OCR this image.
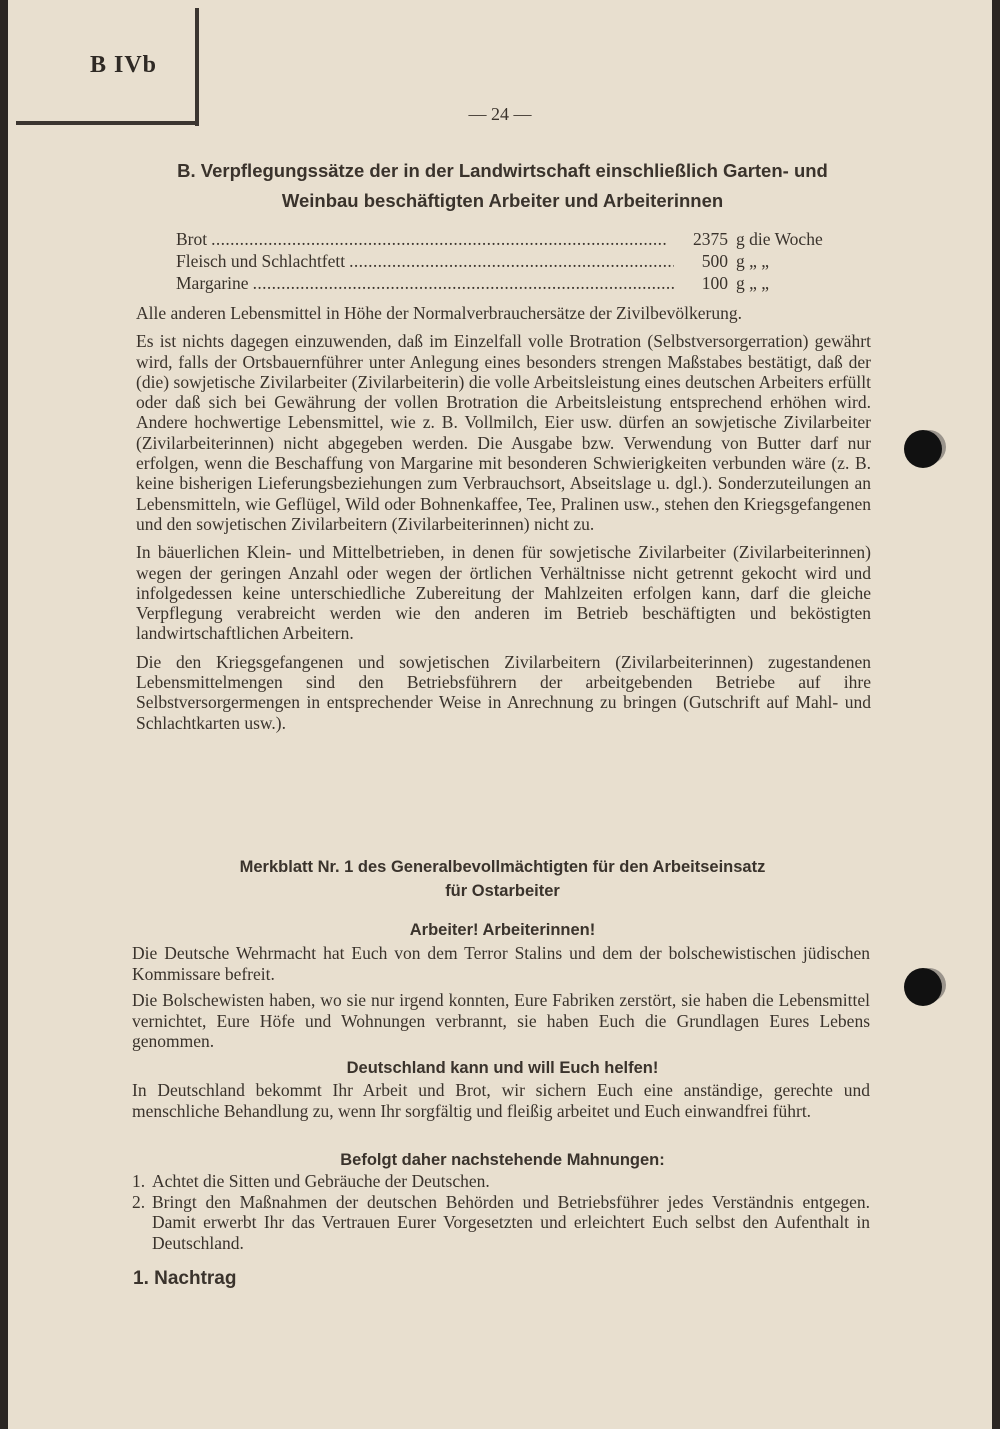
B IVb
— 24 —
B. Verpflegungssätze der in der Landwirtschaft einschließlich Garten- und
Weinbau beschäftigten Arbeiter und Arbeiterinnen
Brot . . .	2375 g die Woche
Fleisch und Schlachtfett . . .	500 g „ „
Margarine . . .	100 g „ „

Alle anderen Lebensmittel in Höhe der Normalverbrauchersätze der Zivilbevölkerung.

Es ist nichts dagegen einzuwenden, daß im Einzelfall volle Brotration (Selbstversorgerration) gewährt wird, falls der Ortsbauernführer unter Anlegung eines besonders strengen Maßstabes bestätigt, daß der (die) sowjetische Zivilarbeiter (Zivilarbeiterin) die volle Arbeitsleistung eines deutschen Arbeiters erfüllt oder daß sich bei Gewährung der vollen Brotration die Arbeitsleistung entsprechend erhöhen wird. Andere hochwertige Lebensmittel, wie z. B. Vollmilch, Eier usw. dürfen an sowjetische Zivilarbeiter (Zivilarbeiterinnen) nicht abgegeben werden. Die Ausgabe bzw. Verwendung von Butter darf nur erfolgen, wenn die Beschaffung von Margarine mit besonderen Schwierigkeiten verbunden wäre (z. B. keine bisherigen Lieferungsbeziehungen zum Verbrauchsort, Abseitslage u. dgl.). Sonderzuteilungen an Lebensmitteln, wie Geflügel, Wild oder Bohnenkaffee, Tee, Pralinen usw., stehen den Kriegsgefangenen und den sowjetischen Zivilarbeitern (Zivilarbeiterinnen) nicht zu.

In bäuerlichen Klein- und Mittelbetrieben, in denen für sowjetische Zivilarbeiter (Zivilarbeiterinnen) wegen der geringen Anzahl oder wegen der örtlichen Verhältnisse nicht getrennt gekocht wird und infolgedessen keine unterschiedliche Zubereitung der Mahlzeiten erfolgen kann, darf die gleiche Verpflegung verabreicht werden wie den anderen im Betrieb beschäftigten und beköstigten landwirtschaftlichen Arbeitern.

Die den Kriegsgefangenen und sowjetischen Zivilarbeitern (Zivilarbeiterinnen) zugestandenen Lebensmittelmengen sind den Betriebsführern der arbeitgebenden Betriebe auf ihre Selbstversorgermengen in entsprechender Weise in Anrechnung zu bringen (Gutschrift auf Mahl- und Schlachtkarten usw.).

Merkblatt Nr. 1 des Generalbevollmächtigten für den Arbeitseinsatz
für Ostarbeiter
Arbeiter! Arbeiterinnen!

Die Deutsche Wehrmacht hat Euch von dem Terror Stalins und dem der bolschewistischen jüdischen Kommissare befreit.

Die Bolschewisten haben, wo sie nur irgend konnten, Eure Fabriken zerstört, sie haben die Lebensmittel vernichtet, Eure Höfe und Wohnungen verbrannt, sie haben Euch die Grundlagen Eures Lebens genommen.

Deutschland kann und will Euch helfen!

In Deutschland bekommt Ihr Arbeit und Brot, wir sichern Euch eine anständige, gerechte und menschliche Behandlung zu, wenn Ihr sorgfältig und fleißig arbeitet und Euch einwandfrei führt.

Befolgt daher nachstehende Mahnungen:
1. Achtet die Sitten und Gebräuche der Deutschen.
2. Bringt den Maßnahmen der deutschen Behörden und Betriebsführer jedes Verständnis entgegen. Damit erwerbt Ihr das Vertrauen Eurer Vorgesetzten und erleichtert Euch selbst den Aufenthalt in Deutschland.
1. Nachtrag
